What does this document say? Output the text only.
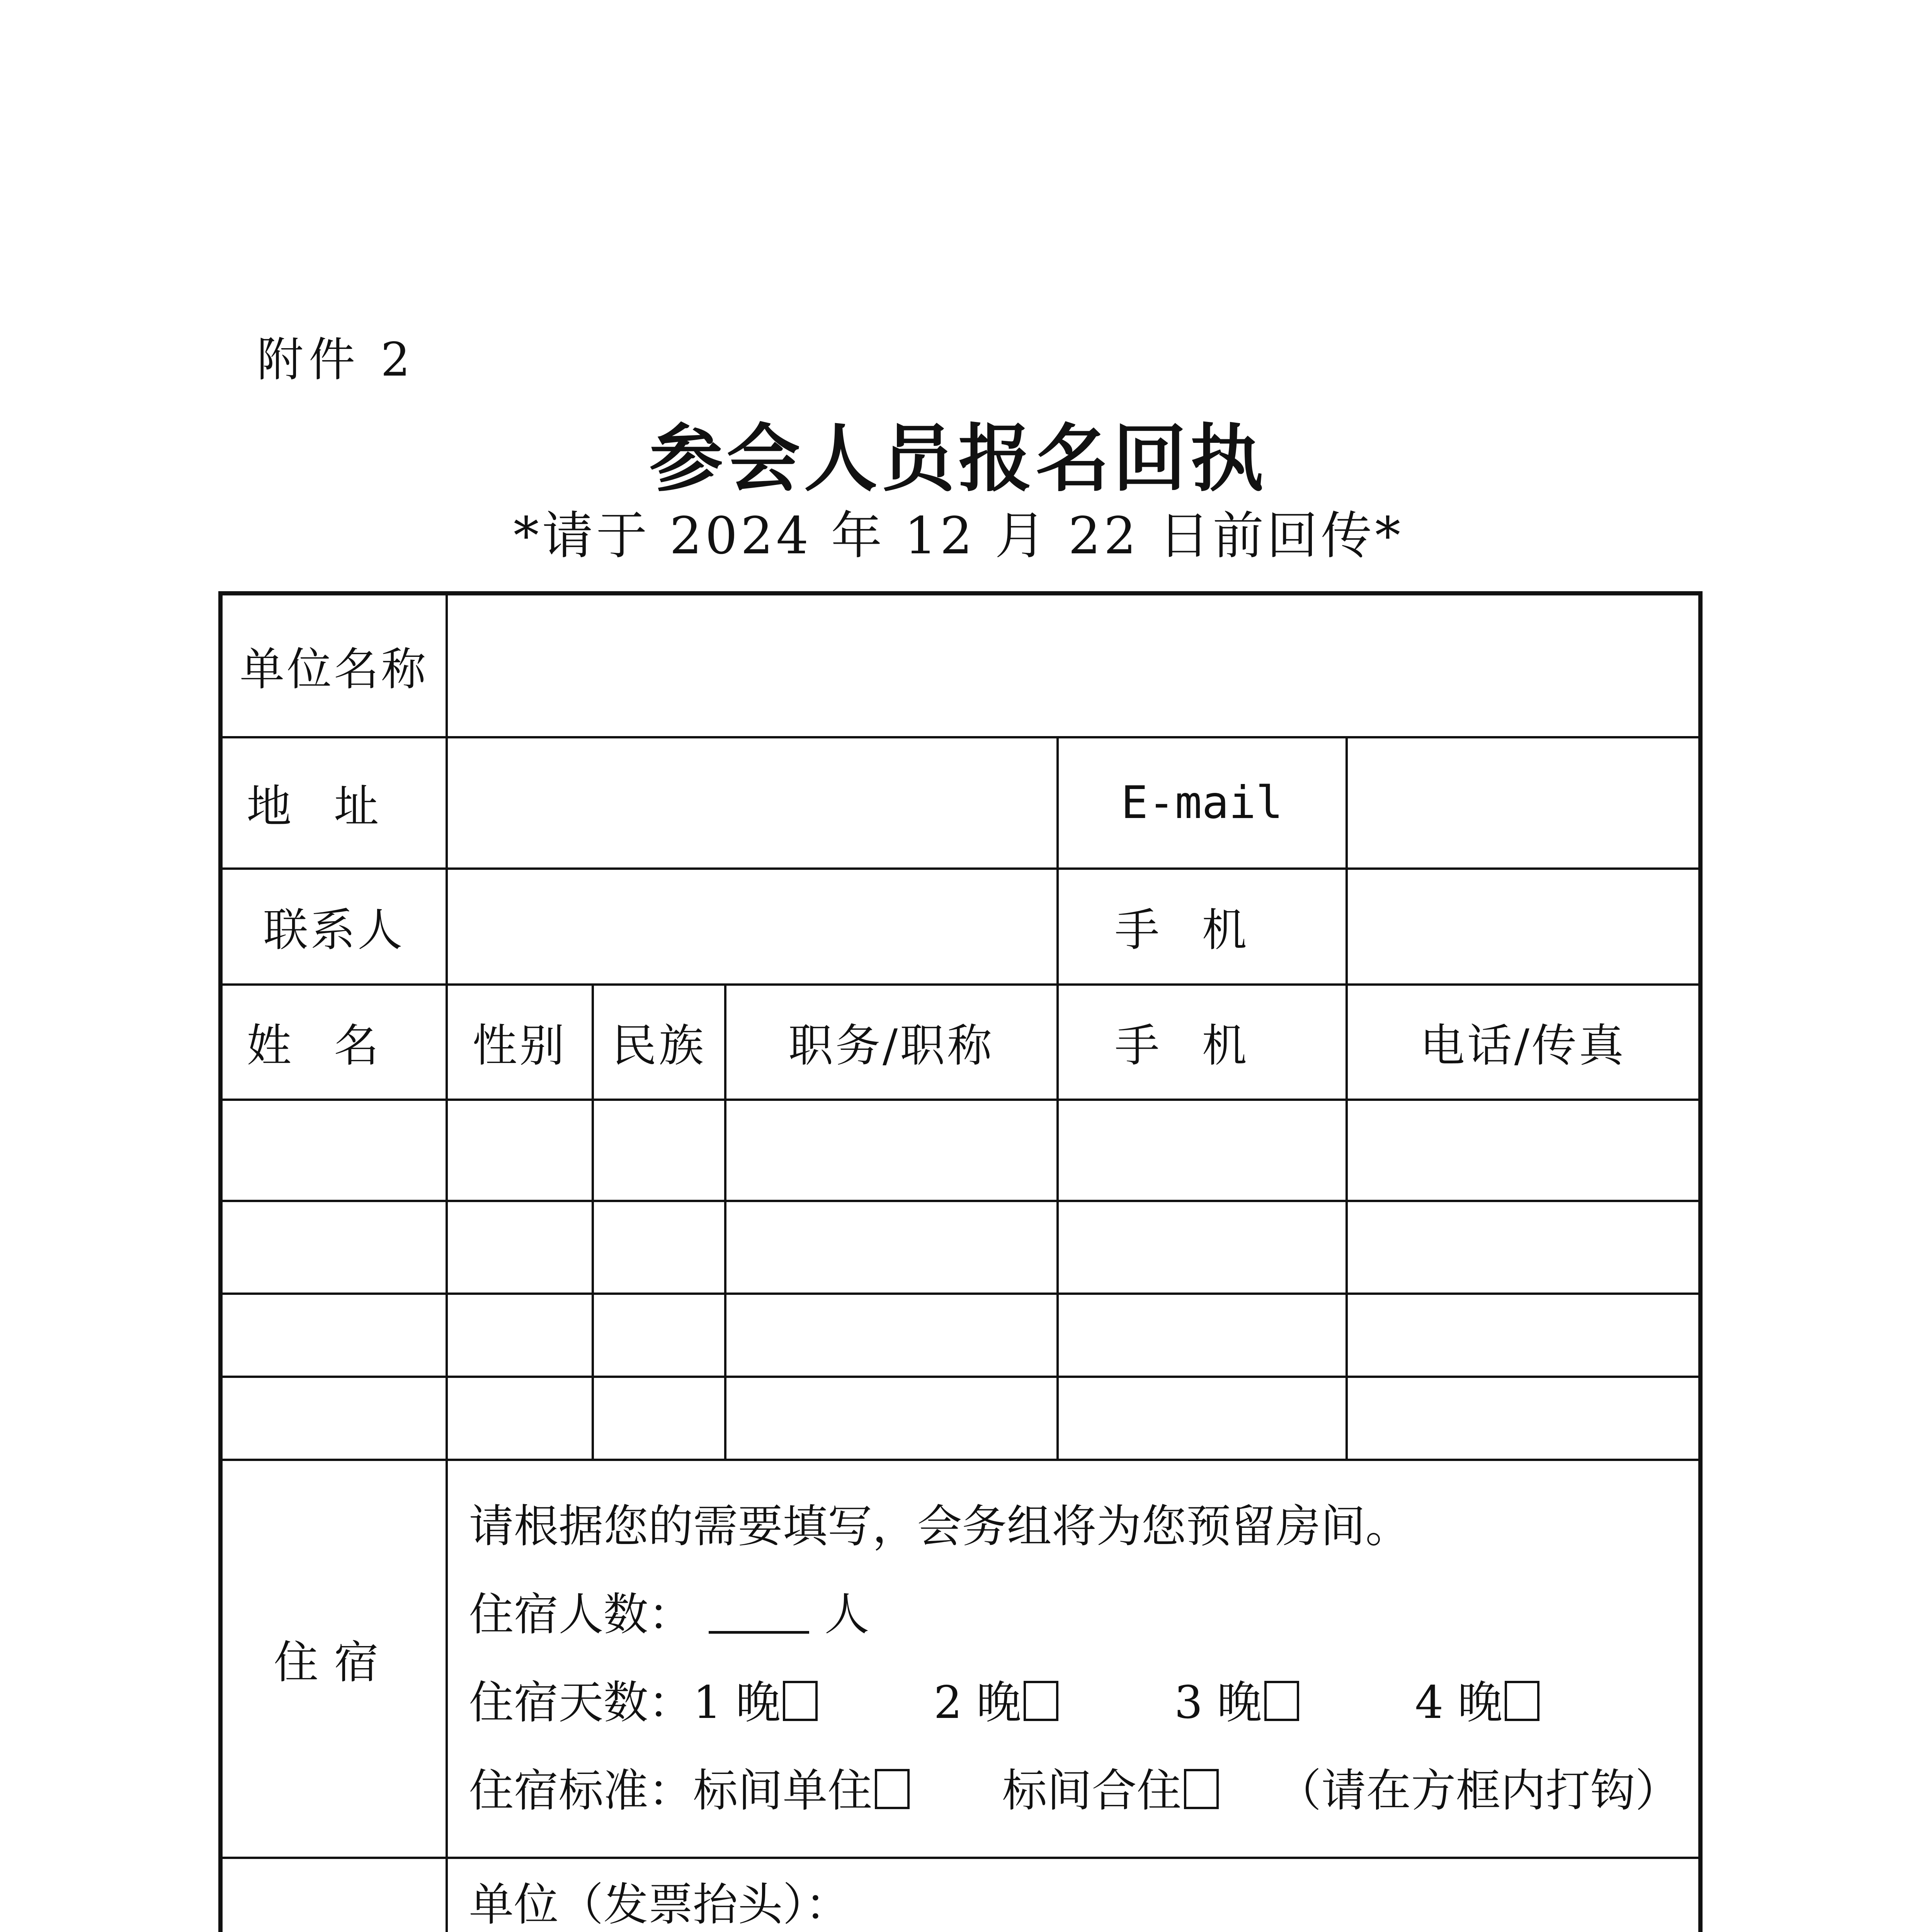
附件 2
参会人员报名回执
*请于 2024 年 12 月 22 日前回传*
单位名称					
地址				E-mail	
联系人				手机	
姓名	性别	民族	职务/职称	手机	电话/传真

住宿	请根据您的需要填写，会务组将为您预留房间。
住宿人数： 人
住宿天数：1 晚 2 晚 3 晚 4 晚
住宿标准：标间单住 标间合住 （请在方框内打钩）				

单位（发票抬头）：				
